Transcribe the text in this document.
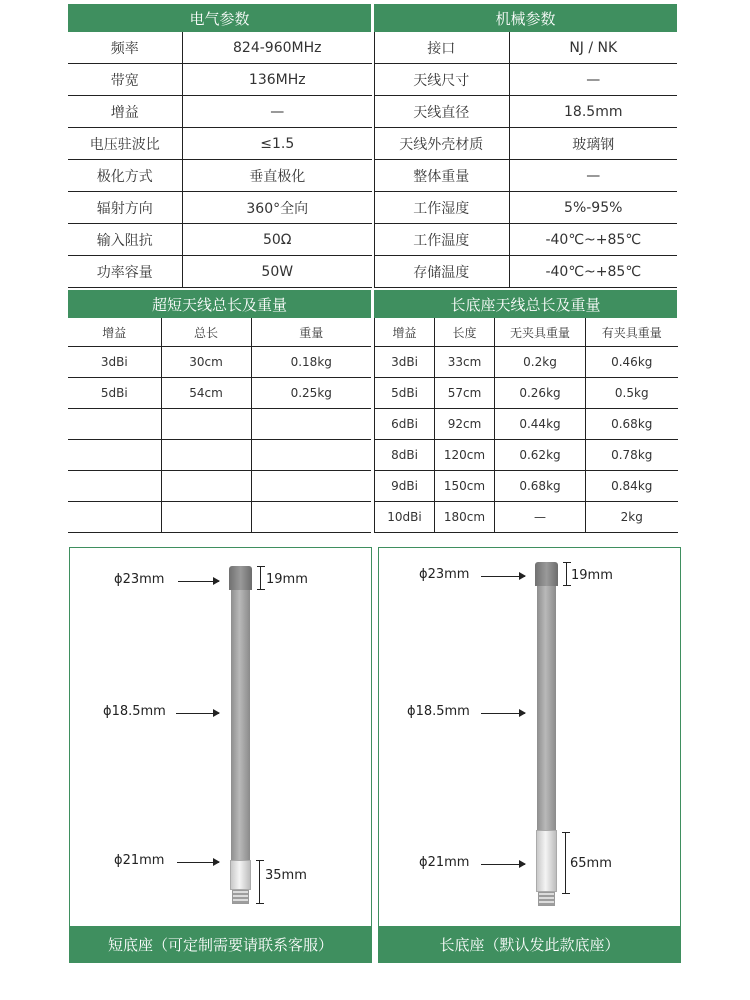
电气参数	机械参数
频率	824-960MHz	接口	NJ / NK
带宽	136MHz	天线尺寸	—
增益	—	天线直径	18.5mm
电压驻波比	≤1.5	天线外壳材质	玻璃钢
极化方式	垂直极化	整体重量	—
辐射方向	360°全向	工作湿度	5%-95%
输入阻抗	50Ω	工作温度	-40℃~+85℃
功率容量	50W	存储温度	-40℃~+85℃
超短天线总长及重量	长底座天线总长及重量
增益	总长	重量
3dBi	30cm	0.18kg
5dBi	54cm	0.25kg

增益	长度	无夹具重量	有夹具重量
3dBi	33cm	0.2kg	0.46kg
5dBi	57cm	0.26kg	0.5kg
6dBi	92cm	0.44kg	0.68kg
8dBi	120cm	0.62kg	0.78kg
9dBi	150cm	0.68kg	0.84kg
10dBi	180cm	—	2kg
ϕ23mm	19mm
ϕ18.5mm
ϕ21mm
35mm
短底座（可定制需要请联系客服）
ϕ23mm	19mm
ϕ18.5mm
ϕ21mm	65mm
长底座（默认发此款底座）
